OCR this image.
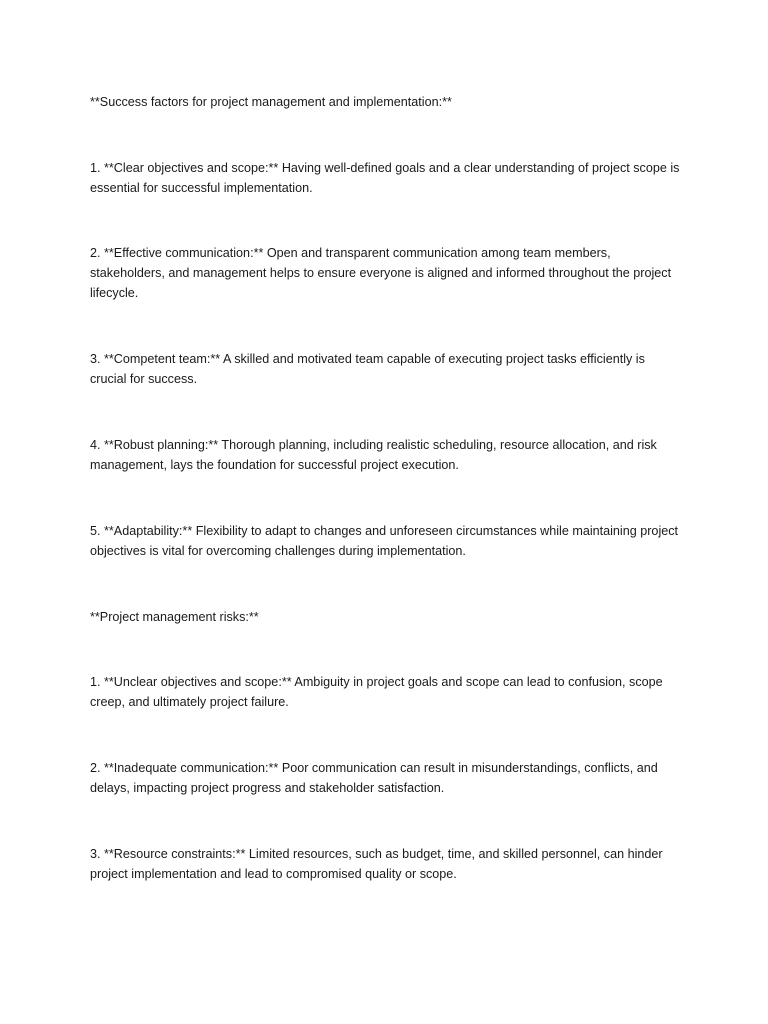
**Success factors for project management and implementation:**

1. **Clear objectives and scope:** Having well-defined goals and a clear understanding of project scope is essential for successful implementation.

2. **Effective communication:** Open and transparent communication among team members, stakeholders, and management helps to ensure everyone is aligned and informed throughout the project lifecycle.

3. **Competent team:** A skilled and motivated team capable of executing project tasks efficiently is crucial for success.

4. **Robust planning:** Thorough planning, including realistic scheduling, resource allocation, and risk management, lays the foundation for successful project execution.

5. **Adaptability:** Flexibility to adapt to changes and unforeseen circumstances while maintaining project objectives is vital for overcoming challenges during implementation.

**Project management risks:**

1. **Unclear objectives and scope:** Ambiguity in project goals and scope can lead to confusion, scope creep, and ultimately project failure.

2. **Inadequate communication:** Poor communication can result in misunderstandings, conflicts, and delays, impacting project progress and stakeholder satisfaction.

3. **Resource constraints:** Limited resources, such as budget, time, and skilled personnel, can hinder project implementation and lead to compromised quality or scope.
